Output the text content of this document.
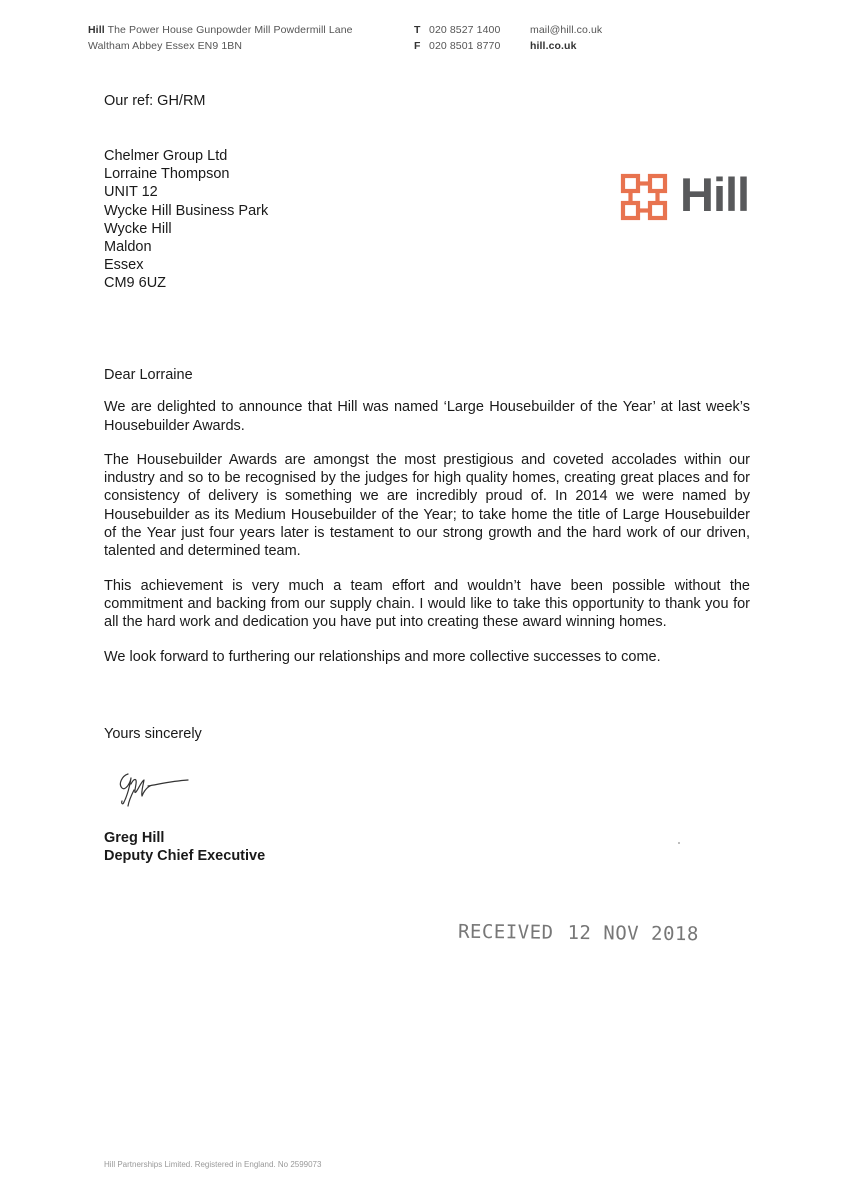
Hill The Power House Gunpowder Mill Powdermill Lane
Waltham Abbey Essex EN9 1BN
T 020 8527 1400
F 020 8501 8770
mail@hill.co.uk
hill.co.uk
Hill
Our ref: GH/RM
Chelmer Group Ltd
Lorraine Thompson
UNIT 12
Wycke Hill Business Park
Wycke Hill
Maldon
Essex
CM9 6UZ

Dear Lorraine

We are delighted to announce that Hill was named ‘Large Housebuilder of the Year’ at last week’s Housebuilder Awards.

The Housebuilder Awards are amongst the most prestigious and coveted accolades within our industry and so to be recognised by the judges for high quality homes, creating great places and for consistency of delivery is something we are incredibly proud of. In 2014 we were named by Housebuilder as its Medium Housebuilder of the Year; to take home the title of Large Housebuilder of the Year just four years later is testament to our strong growth and the hard work of our driven, talented and determined team.

This achievement is very much a team effort and wouldn’t have been possible without the commitment and backing from our supply chain. I would like to take this opportunity to thank you for all the hard work and dedication you have put into creating these award winning homes.

We look forward to furthering our relationships and more collective successes to come.

Yours sincerely
Greg Hill
Deputy Chief Executive
RECEIVED 12 NOV 2018
Hill Partnerships Limited. Registered in England. No 2599073
